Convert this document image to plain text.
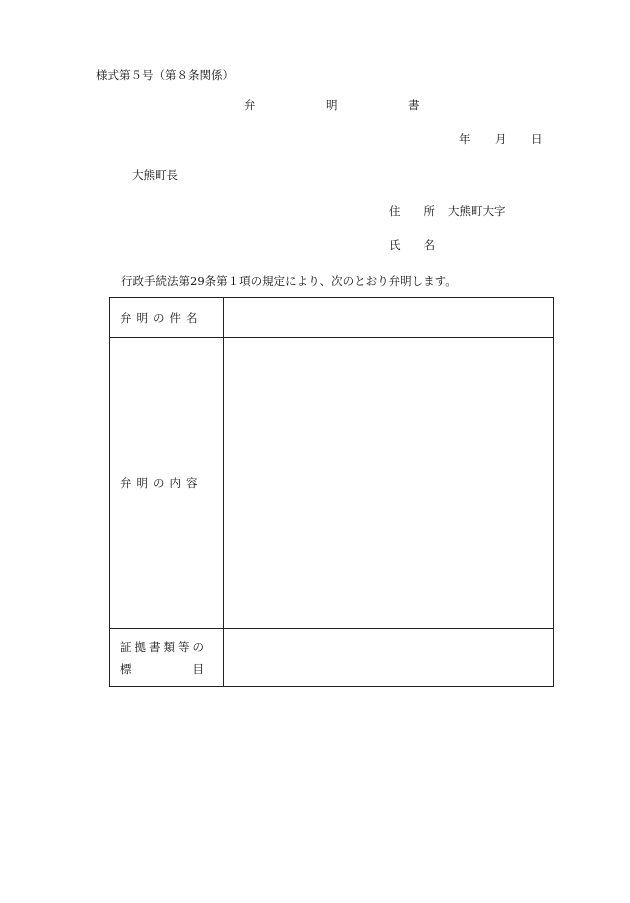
様式第５号（第８条関係）
弁	明	書
年 月 日
大熊町長
住　　所 大熊町大字
氏　　名
行政手続法第29条第１項の規定により、次のとおり弁明します。
弁明の件名	
弁明の内容	

証拠書類等の
標 目	
